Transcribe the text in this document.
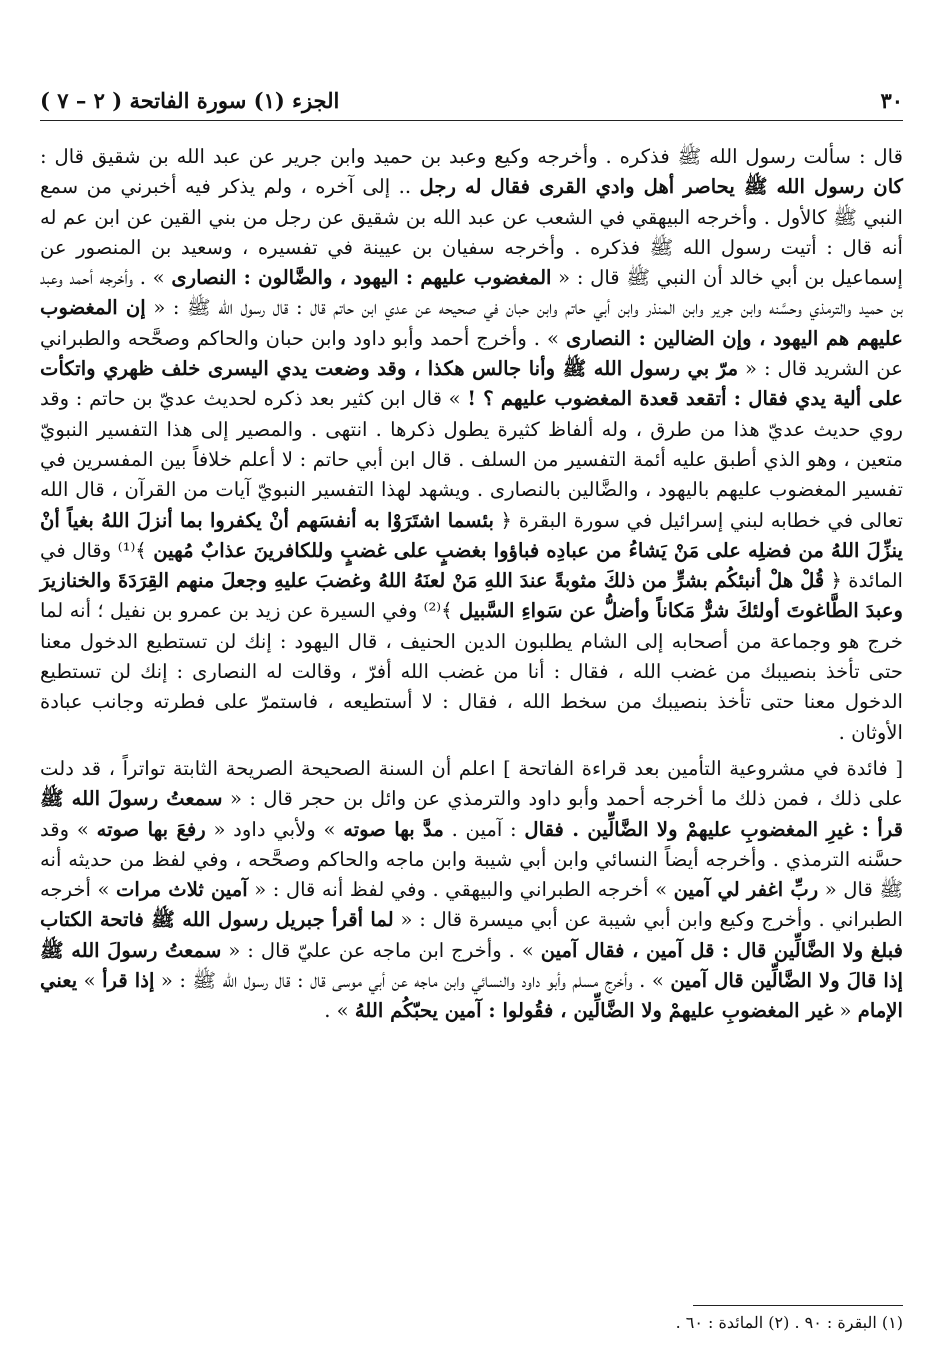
٣٠
الجزء (١) سورة الفاتحة ( ٢ – ٧ )

قال : سألت رسول الله ﷺ فذكره . وأخرجه وكيع وعبد بن حميد وابن جرير عن عبد الله بن شقيق قال : كان رسول الله ﷺ يحاصر أهل وادي القرى فقال له رجل .. إلى آخره ، ولم يذكر فيه أخبرني من سمع النبي ﷺ كالأول . وأخرجه البيهقي في الشعب عن عبد الله بن شقيق عن رجل من بني القين عن ابن عم له أنه قال : أتيت رسول الله ﷺ فذكره . وأخرجه سفيان بن عيينة في تفسيره ، وسعيد بن المنصور عن إسماعيل بن أبي خالد أن النبي ﷺ قال : « المغضوب عليهم : اليهود ، والضَّالون : النصارى » . وأخرجه أحمد وعبد بن حميد والترمذي وحسَّنه وابن جرير وابن المنذر وابن أبي حاتم وابن حبان في صحيحه عن عدي ابن حاتم قال : قال رسول الله ﷺ : « إن المغضوب عليهم هم اليهود ، وإن الضالين : النصارى » . وأخرج أحمد وأبو داود وابن حبان والحاكم وصحَّحه والطبراني عن الشريد قال : « مرّ بي رسول الله ﷺ وأنا جالس هكذا ، وقد وضعت يدي اليسرى خلف ظهري واتكأت على ألية يدي فقال : أتقعد قعدة المغضوب عليهم ؟ ! » قال ابن كثير بعد ذكره لحديث عديّ بن حاتم : وقد روي حديث عديّ هذا من طرق ، وله ألفاظ كثيرة يطول ذكرها . انتهى . والمصير إلى هذا التفسير النبويّ متعين ، وهو الذي أطبق عليه أئمة التفسير من السلف . قال ابن أبي حاتم : لا أعلم خلافاً بين المفسرين في تفسير المغضوب عليهم باليهود ، والضَّالين بالنصارى . ويشهد لهذا التفسير النبويّ آيات من القرآن ، قال الله تعالى في خطابه لبني إسرائيل في سورة البقرة ﴿ بئسما اشتَرَوْا به أنفسَهم أنْ يكفروا بما أنزلَ اللهُ بغياً أنْ ينزِّلَ اللهُ من فضلِه على مَنْ يَشاءُ من عبادِه فباؤوا بغضبٍ على غضبٍ وللكافرينَ عذابٌ مُهين ﴾⁽¹⁾ وقال في المائدة ﴿ قُلْ هلْ أنبئكُم بشرٍّ من ذلكَ مثوبةً عندَ اللهِ مَنْ لعنَهُ اللهُ وغضبَ عليهِ وجعلَ منهم القِرَدَةَ والخنازيرَ وعبدَ الطَّاغوتَ أولئكَ شرٌّ مَكاناً وأضلُّ عن سَواءِ السَّبيل ﴾⁽²⁾ وفي السيرة عن زيد بن عمرو بن نفيل ؛ أنه لما خرج هو وجماعة من أصحابه إلى الشام يطلبون الدين الحنيف ، قال اليهود : إنك لن تستطيع الدخول معنا حتى تأخذ بنصيبك من غضب الله ، فقال : أنا من غضب الله أفرّ ، وقالت له النصارى : إنك لن تستطيع الدخول معنا حتى تأخذ بنصيبك من سخط الله ، فقال : لا أستطيعه ، فاستمرّ على فطرته وجانب عبادة الأوثان .

[ فائدة في مشروعية التأمين بعد قراءة الفاتحة ] اعلم أن السنة الصحيحة الصريحة الثابتة تواتراً ، قد دلت على ذلك ، فمن ذلك ما أخرجه أحمد وأبو داود والترمذي عن وائل بن حجر قال : « سمعتُ رسولَ الله ﷺ قرأ : غيرِ المغضوبِ عليهمْ ولا الضَّالِّين . فقال : آمين . مدَّ بها صوته » ولأبي داود « رفعَ بها صوته » وقد حسَّنه الترمذي . وأخرجه أيضاً النسائي وابن أبي شيبة وابن ماجه والحاكم وصحَّحه ، وفي لفظ من حديثه أنه ﷺ قال « ربِّ اغفر لي آمين » أخرجه الطبراني والبيهقي . وفي لفظ أنه قال : « آمين ثلاث مرات » أخرجه الطبراني . وأخرج وكيع وابن أبي شيبة عن أبي ميسرة قال : « لما أقرأ جبريل رسول الله ﷺ فاتحة الكتاب فبلغ ولا الضَّالِّين قال : قل آمين ، فقال آمين » . وأخرج ابن ماجه عن عليّ قال : « سمعتُ رسولَ الله ﷺ إذا قالَ ولا الضَّالِّين قال آمين » . وأخرج مسلم وأبو داود والنسائي وابن ماجه عن أبي موسى قال : قال رسول الله ﷺ : « إذا قرأ » يعني الإمام « غير المغضوبِ عليهمْ ولا الضَّالِّين ، فقُولوا : آمين يحبّكُم اللهُ » .

(١) البقرة : ٩٠ . (٢) المائدة : ٦٠ .
